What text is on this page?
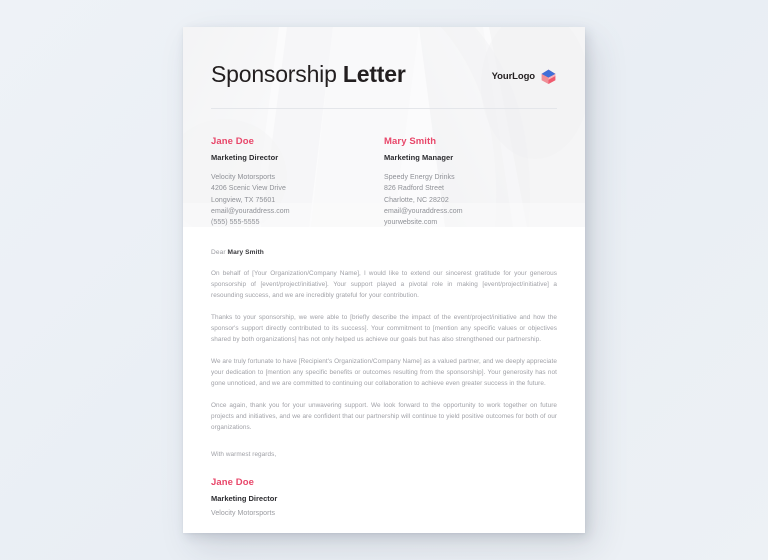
Sponsorship Letter	YourLogo
Jane Doe
Marketing Director
Velocity Motorsports
4206 Scenic View Drive
Longview, TX 75601
email@youraddress.com
(555) 555-5555
Mary Smith
Marketing Manager
Speedy Energy Drinks
826 Radford Street
Charlotte, NC 28202
email@youraddress.com
yourwebsite.com
Dear Mary Smith

On behalf of [Your Organization/Company Name], I would like to extend our sincerest gratitude for your generous sponsorship of [event/project/initiative]. Your support played a pivotal role in making [event/project/initiative] a resounding success, and we are incredibly grateful for your contribution.

Thanks to your sponsorship, we were able to [briefly describe the impact of the event/project/initiative and how the sponsor's support directly contributed to its success]. Your commitment to [mention any specific values or objectives shared by both organizations] has not only helped us achieve our goals but has also strengthened our partnership.

We are truly fortunate to have [Recipient's Organization/Company Name] as a valued partner, and we deeply appreciate your dedication to [mention any specific benefits or outcomes resulting from the sponsorship]. Your generosity has not gone unnoticed, and we are committed to continuing our collaboration to achieve even greater success in the future.

Once again, thank you for your unwavering support. We look forward to the opportunity to work together on future projects and initiatives, and we are confident that our partnership will continue to yield positive outcomes for both of our organizations.

With warmest regards,

Jane Doe
Marketing Director
Velocity Motorsports
